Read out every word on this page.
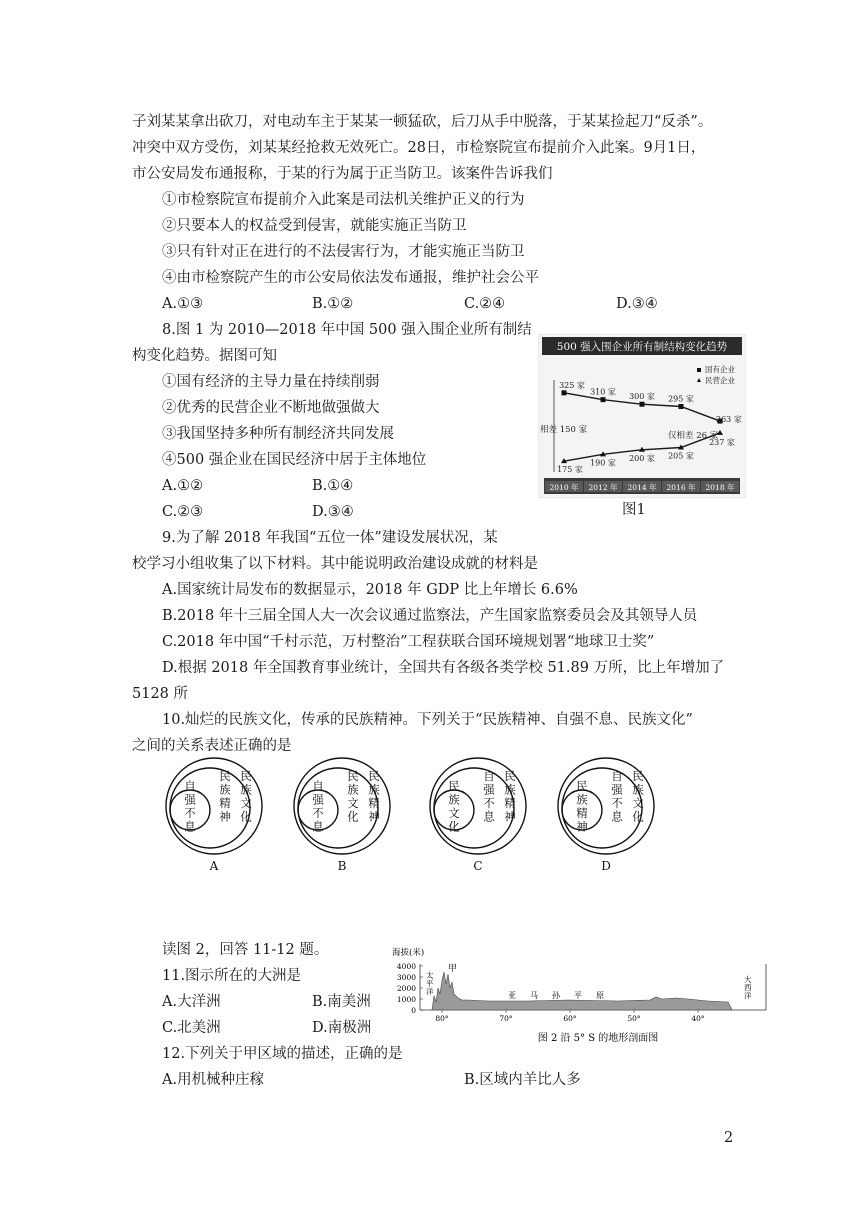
子刘某某拿出砍刀，对电动车主于某某一顿猛砍，后刀从手中脱落，于某某捡起刀“反杀”。
冲突中双方受伤，刘某某经抢救无效死亡。28日，市检察院宣布提前介入此案。9月1日，
市公安局发布通报称，于某的行为属于正当防卫。该案件告诉我们
①市检察院宣布提前介入此案是司法机关维护正义的行为
②只要本人的权益受到侵害，就能实施正当防卫
③只有针对正在进行的不法侵害行为，才能实施正当防卫
④由市检察院产生的市公安局依法发布通报，维护社会公平
A.①③	B.①②	C.②④	D.③④
8.图 1 为 2010—2018 年中国 500 强入围企业所有制结
构变化趋势。据图可知
①国有经济的主导力量在持续削弱
②优秀的民营企业不断地做强做大
③我国坚持多种所有制经济共同发展
④500 强企业在国民经济中居于主体地位
A.①②	B.①④
C.②③	D.③④
500 强入围企业所有制结构变化趋势
国有企业
民营企业
325 家
310 家
300 家 295 家
263 家
175 家
190 家
200 家 205 家
237 家
相差 150 家
仅相差 26 家
2010 年 2012 年 2014 年 2016 年 2018 年
图1
9.为了解 2018 年我国“五位一体”建设发展状况，某
校学习小组收集了以下材料。其中能说明政治建设成就的材料是
A.国家统计局发布的数据显示，2018 年 GDP 比上年增长 6.6%
B.2018 年十三届全国人大一次会议通过监察法，产生国家监察委员会及其领导人员
C.2018 年中国“千村示范，万村整治”工程获联合国环境规划署“地球卫士奖”
D.根据 2018 年全国教育事业统计，全国共有各级各类学校 51.89 万所，比上年增加了
5128 所
10.灿烂的民族文化，传承的民族精神。下列关于“民族精神、自强不息、民族文化”
之间的关系表述正确的是
自强不息
民族精神
民族文化
A
自强不息
民族文化
民族精神
B
民族文化
自强不息
民族精神
C
民族精神
自强不息
民族文化
D
读图 2，回答 11-12 题。
11.图示所在的大洲是
A.大洋洲	B.南美洲
C.北美洲	D.南极洲
12.下列关于甲区域的描述，正确的是
A.用机械种庄稼	B.区域内羊比人多
海拔(米)
4000
3000
2000
1000
0
太
平
洋
大
西
洋
甲
亚 马 孙 平 原
80°	70°	60°	50°	40°
图 2 沿 5° S 的地形剖面图
2
